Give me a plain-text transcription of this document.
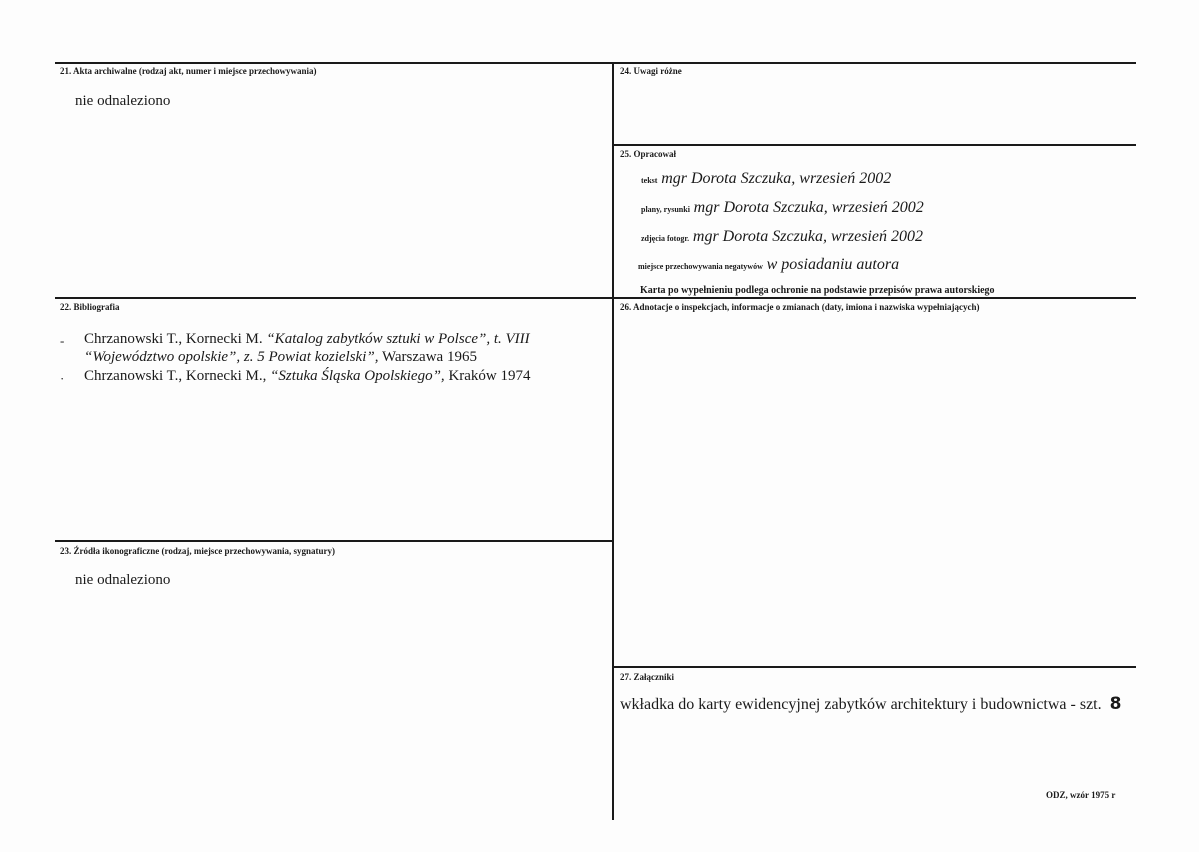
21. Akta archiwalne (rodzaj akt, numer i miejsce przechowywania)
nie odnaleziono
22. Bibliografia
- Chrzanowski T., Kornecki M. “Katalog zabytków sztuki w Polsce”, t. VIII
“Województwo opolskie”, z. 5 Powiat kozielski”, Warszawa 1965
· Chrzanowski T., Kornecki M., “Sztuka Śląska Opolskiego”, Kraków 1974
23. Źródła ikonograficzne (rodzaj, miejsce przechowywania, sygnatury)
nie odnaleziono
24. Uwagi różne
25. Opracował
tekst mgr Dorota Szczuka, wrzesień 2002
plany, rysunki mgr Dorota Szczuka, wrzesień 2002
zdjęcia fotogr. mgr Dorota Szczuka, wrzesień 2002
miejsce przechowywania negatywów w posiadaniu autora
Karta po wypełnieniu podlega ochronie na podstawie przepisów prawa autorskiego
26. Adnotacje o inspekcjach, informacje o zmianach (daty, imiona i nazwiska wypełniających)
27. Załączniki
wkładka do karty ewidencyjnej zabytków architektury i budownictwa - szt. 8
ODZ, wzór 1975 r
